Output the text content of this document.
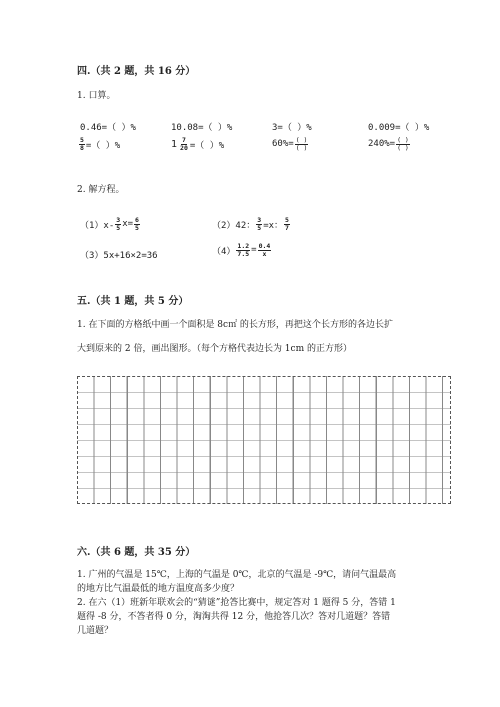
四.（共 2 题，共 16 分）
1. 口算。
0.46=（ ）%	10.08=（ ）%	3=（ ）%	0.009=（ ）%
$\frac{5}{8}$ =（ ）%	$1 \frac{7}{20}$ =（ ）%	$60\%= \frac{( )}{( )}$	$240\%= \frac{( )}{( )}$
2. 解方程。
$(1)x- \frac{3}{5} x= \frac{6}{5}$	（2）42： $\frac{3}{5} =x$： $\frac{5}{7}$
（3）5x+16×2=36	$(4) \frac{1.2}{7.5} = \frac{0.4}{x}$
五.（共 1 题，共 5 分）
1. 在下面的方格纸中画一个面积是 8c㎡ 的长方形，再把这个长方形的各边长扩
大到原来的 2 倍，画出图形。（每个方格代表边长为 1cm 的正方形）
六.（共 6 题，共 35 分）
1. 广州的气温是 15℃，上海的气温是 0℃，北京的气温是 -9℃，请问气温最高
的地方比气温最低的地方温度高多少度？
2. 在六（1）班新年联欢会的“猜谜”抢答比赛中，规定答对 1 题得 5 分，答错 1
题得 -8 分，不答者得 0 分，淘淘共得 12 分，他抢答几次？答对几道题？答错
几道题？
